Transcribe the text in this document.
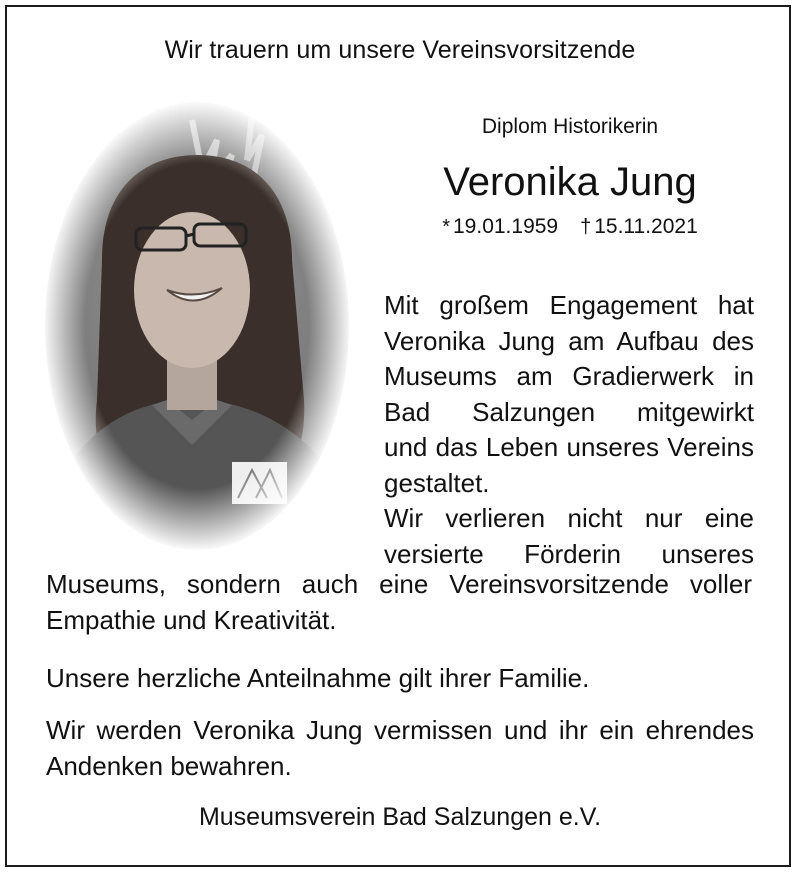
Wir trauern um unsere Vereinsvorsitzende
Diplom Historikerin
Veronika Jung
* 19.01.1959 † 15.11.2021

Mit großem Engagement hat

Veronika Jung am Aufbau des

Museums am Gradierwerk in

Bad Salzungen mitgewirkt

und das Leben unseres Vereins

gestaltet.

Wir verlieren nicht nur eine

versierte Förderin unseres

Museums, sondern auch eine Vereinsvorsitzende voller

Empathie und Kreativität.

Unsere herzliche Anteilnahme gilt ihrer Familie.

Wir werden Veronika Jung vermissen und ihr ein ehrendes

Andenken bewahren.

Museumsverein Bad Salzungen e.V.
